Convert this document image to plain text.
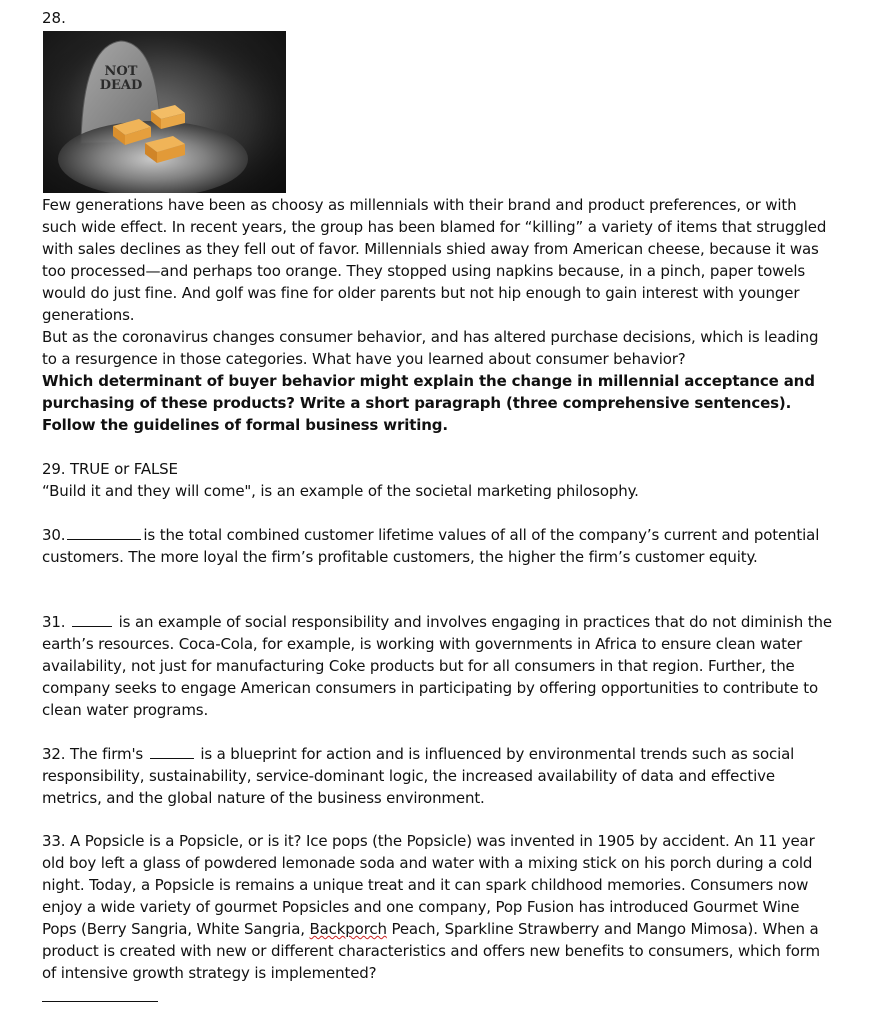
28.
NOT
DEAD

Few generations have been as choosy as millennials with their brand and product preferences, or with such wide effect. In recent years, the group has been blamed for “killing” a variety of items that struggled with sales declines as they fell out of favor. Millennials shied away from American cheese, because it was too processed—and perhaps too orange. They stopped using napkins because, in a pinch, paper towels would do just fine. And golf was fine for older parents but not hip enough to gain interest with younger generations.

But as the coronavirus changes consumer behavior, and has altered purchase decisions, which is leading to a resurgence in those categories. What have you learned about consumer behavior?

Which determinant of buyer behavior might explain the change in millennial acceptance and purchasing of these products? Write a short paragraph (three comprehensive sentences). Follow the guidelines of formal business writing.

29. TRUE or FALSE

“Build it and they will come", is an example of the societal marketing philosophy.

30.	is the total combined customer lifetime values of all of the company’s current and potential customers. The more loyal the firm’s profitable customers, the higher the firm’s customer equity.

31.	is an example of social responsibility and involves engaging in practices that do not diminish the earth’s resources. Coca-Cola, for example, is working with governments in Africa to ensure clean water availability, not just for manufacturing Coke products but for all consumers in that region. Further, the company seeks to engage American consumers in participating by offering opportunities to contribute to clean water programs.

32. The firm's	is a blueprint for action and is influenced by environmental trends such as social responsibility, sustainability, service-dominant logic, the increased availability of data and effective metrics, and the global nature of the business environment.

33. A Popsicle is a Popsicle, or is it? Ice pops (the Popsicle) was invented in 1905 by accident. An 11 year old boy left a glass of powdered lemonade soda and water with a mixing stick on his porch during a cold night. Today, a Popsicle is remains a unique treat and it can spark childhood memories. Consumers now enjoy a wide variety of gourmet Popsicles and one company, Pop Fusion has introduced Gourmet Wine Pops (Berry Sangria, White Sangria, Backporch Peach, Sparkline Strawberry and Mango Mimosa). When a product is created with new or different characteristics and offers new benefits to consumers, which form of intensive growth strategy is implemented?
